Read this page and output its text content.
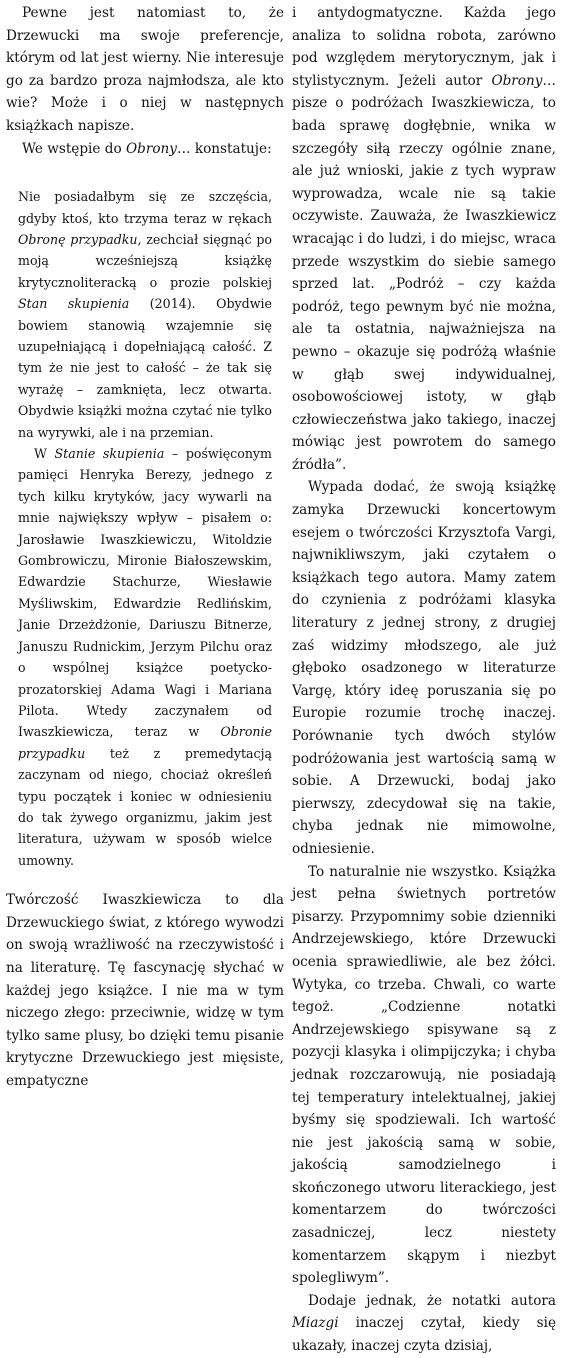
Pewne jest natomiast to, że Drzewucki ma swoje preferencje, którym od lat jest wierny. Nie interesuje go za bardzo proza najmłodsza, ale kto wie? Może i o niej w następnych książkach napisze.

We wstępie do Obrony… konstatuje:

Nie posiadałbym się ze szczęścia, gdyby ktoś, kto trzyma teraz w rękach Obronę przypadku, zechciał sięgnąć po moją wcześniejszą książkę krytycznoliteracką o prozie polskiej Stan skupienia (2014). Obydwie bowiem stanowią wzajemnie się uzupełniającą i dopełniającą całość. Z tym że nie jest to całość – że tak się wyrażę – zamknięta, lecz otwarta. Obydwie książki można czytać nie tylko na wyrywki, ale i na przemian.

W Stanie skupienia – poświęconym pamięci Henryka Berezy, jednego z tych kilku krytyków, jacy wywarli na mnie największy wpływ – pisałem o: Jarosławie Iwaszkiewiczu, Witoldzie Gombrowiczu, Mironie Białoszewskim, Edwardzie Stachurze, Wiesławie Myśliwskim, Edwardzie Redlińskim, Janie Drzeżdżonie, Dariuszu Bitnerze, Januszu Rudnickim, Jerzym Pilchu oraz o wspólnej książce poetycko-prozatorskiej Adama Wagi i Mariana Pilota. Wtedy zaczynałem od Iwaszkiewicza, teraz w Obronie przypadku też z premedytacją zaczynam od niego, chociaż określeń typu początek i koniec w odniesieniu do tak żywego organizmu, jakim jest literatura, używam w sposób wielce umowny.

Twórczość Iwaszkiewicza to dla Drzewuckiego świat, z którego wywodzi on swoją wrażliwość na rzeczywistość i na literaturę. Tę fascynację słychać w każdej jego książce. I nie ma w tym niczego złego: przeciwnie, widzę w tym tylko same plusy, bo dzięki temu pisanie krytyczne Drzewuckiego jest mięsiste, empatyczne

i antydogmatyczne. Każda jego analiza to solidna robota, zarówno pod względem merytorycznym, jak i stylistycznym. Jeżeli autor Obrony… pisze o podróżach Iwaszkiewicza, to bada sprawę dogłębnie, wnika w szczegóły siłą rzeczy ogólnie znane, ale już wnioski, jakie z tych wypraw wyprowadza, wcale nie są takie oczywiste. Zauważa, że Iwaszkiewicz wracając i do ludzi, i do miejsc, wraca przede wszystkim do siebie samego sprzed lat. „Podróż – czy każda podróż, tego pewnym być nie można, ale ta ostatnia, najważniejsza na pewno – okazuje się podróżą właśnie w głąb swej indywidualnej, osobowościowej istoty, w głąb człowieczeństwa jako takiego, inaczej mówiąc jest powrotem do samego źródła”.

Wypada dodać, że swoją książkę zamyka Drzewucki koncertowym esejem o twórczości Krzysztofa Vargi, najwnikliwszym, jaki czytałem o książkach tego autora. Mamy zatem do czynienia z podróżami klasyka literatury z jednej strony, z drugiej zaś widzimy młodszego, ale już głęboko osadzonego w literaturze Vargę, który ideę poruszania się po Europie rozumie trochę inaczej. Porównanie tych dwóch stylów podróżowania jest wartością samą w sobie. A Drzewucki, bodaj jako pierwszy, zdecydował się na takie, chyba jednak nie mimowolne, odniesienie.

To naturalnie nie wszystko. Książka jest pełna świetnych portretów pisarzy. Przypomnimy sobie dzienniki Andrzejewskiego, które Drzewucki ocenia sprawiedliwie, ale bez żółci. Wytyka, co trzeba. Chwali, co warte tegoż. „Codzienne notatki Andrzejewskiego spisywane są z pozycji klasyka i olimpijczyka; i chyba jednak rozczarowują, nie posiadają tej temperatury intelektualnej, jakiej byśmy się spodziewali. Ich wartość nie jest jakością samą w sobie, jakością samodzielnego i skończonego utworu literackiego, jest komentarzem do twórczości zasadniczej, lecz niestety komentarzem skąpym i niezbyt spolegliwym”.

Dodaje jednak, że notatki autora Miazgi inaczej czytał, kiedy się ukazały, inaczej czyta dzisiaj,
